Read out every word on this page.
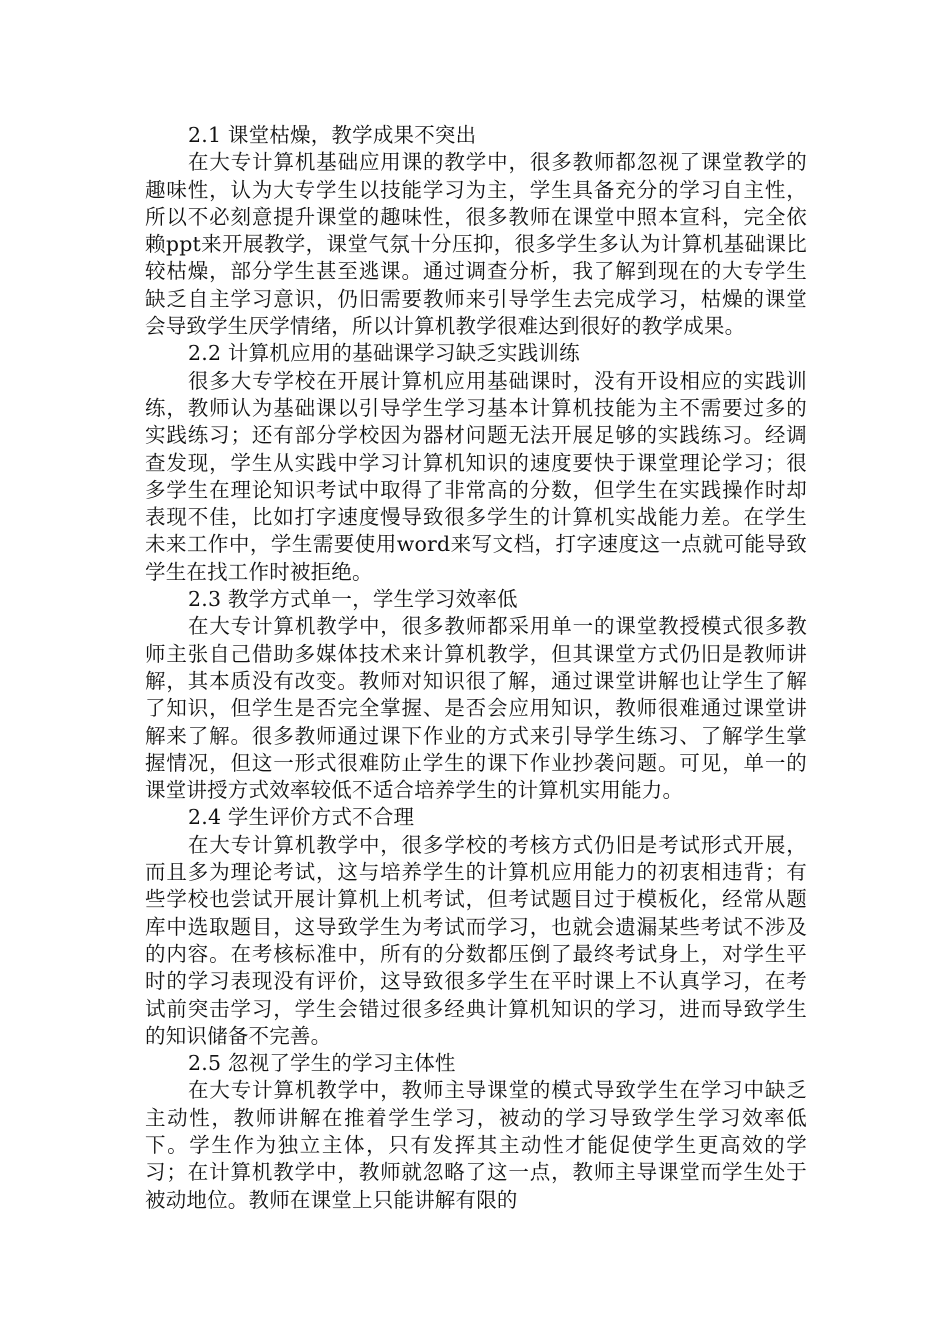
2.1 课堂枯燥，教学成果不突出

在大专计算机基础应用课的教学中，很多教师都忽视了课堂教学的趣味性，认为大专学生以技能学习为主，学生具备充分的学习自主性，所以不必刻意提升课堂的趣味性，很多教师在课堂中照本宣科，完全依赖ppt来开展教学，课堂气氛十分压抑，很多学生多认为计算机基础课比较枯燥，部分学生甚至逃课。通过调查分析，我了解到现在的大专学生缺乏自主学习意识，仍旧需要教师来引导学生去完成学习，枯燥的课堂会导致学生厌学情绪，所以计算机教学很难达到很好的教学成果。

2.2 计算机应用的基础课学习缺乏实践训练

很多大专学校在开展计算机应用基础课时，没有开设相应的实践训练，教师认为基础课以引导学生学习基本计算机技能为主不需要过多的实践练习；还有部分学校因为器材问题无法开展足够的实践练习。经调查发现，学生从实践中学习计算机知识的速度要快于课堂理论学习；很多学生在理论知识考试中取得了非常高的分数，但学生在实践操作时却表现不佳，比如打字速度慢导致很多学生的计算机实战能力差。在学生未来工作中，学生需要使用word来写文档，打字速度这一点就可能导致学生在找工作时被拒绝。

2.3 教学方式单一，学生学习效率低

在大专计算机教学中，很多教师都采用单一的课堂教授模式很多教师主张自己借助多媒体技术来计算机教学，但其课堂方式仍旧是教师讲解，其本质没有改变。教师对知识很了解，通过课堂讲解也让学生了解了知识，但学生是否完全掌握、是否会应用知识，教师很难通过课堂讲解来了解。很多教师通过课下作业的方式来引导学生练习、了解学生掌握情况，但这一形式很难防止学生的课下作业抄袭问题。可见，单一的课堂讲授方式效率较低不适合培养学生的计算机实用能力。

2.4 学生评价方式不合理

在大专计算机教学中，很多学校的考核方式仍旧是考试形式开展，而且多为理论考试，这与培养学生的计算机应用能力的初衷相违背；有些学校也尝试开展计算机上机考试，但考试题目过于模板化，经常从题库中选取题目，这导致学生为考试而学习，也就会遗漏某些考试不涉及的内容。在考核标准中，所有的分数都压倒了最终考试身上，对学生平时的学习表现没有评价，这导致很多学生在平时课上不认真学习，在考试前突击学习，学生会错过很多经典计算机知识的学习，进而导致学生的知识储备不完善。

2.5 忽视了学生的学习主体性

在大专计算机教学中，教师主导课堂的模式导致学生在学习中缺乏主动性，教师讲解在推着学生学习，被动的学习导致学生学习效率低下。学生作为独立主体，只有发挥其主动性才能促使学生更高效的学习；在计算机教学中，教师就忽略了这一点，教师主导课堂而学生处于被动地位。教师在课堂上只能讲解有限的
